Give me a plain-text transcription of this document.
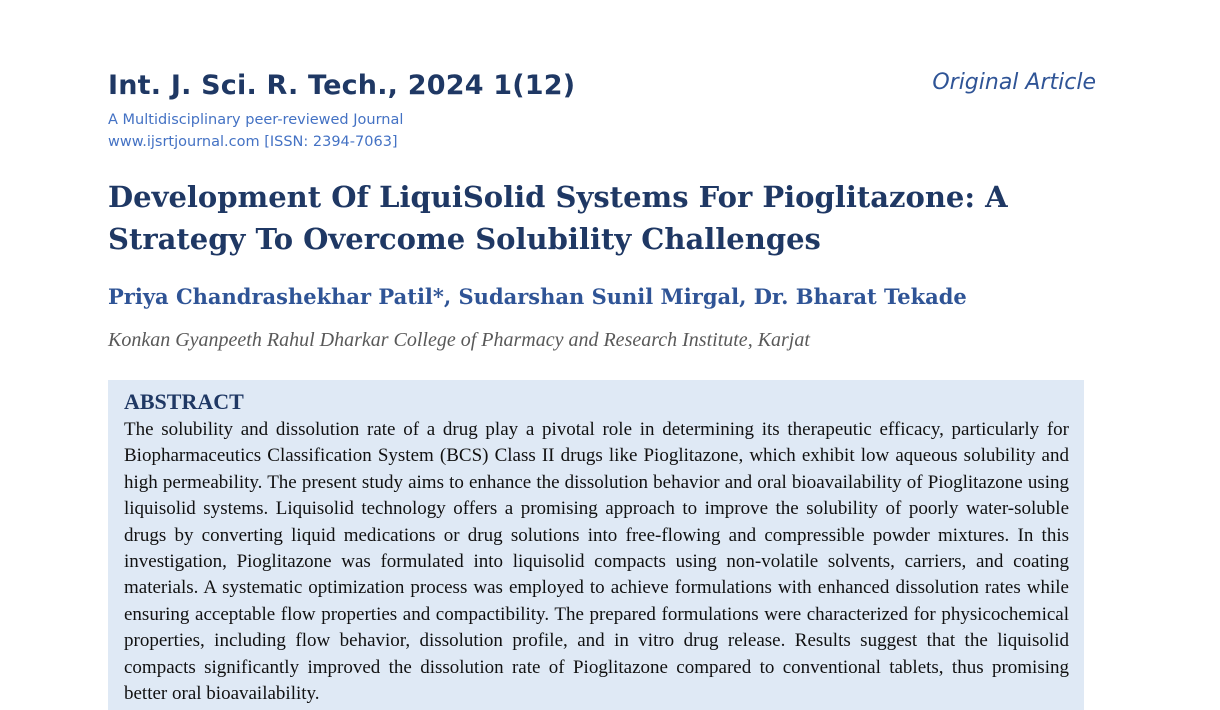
Int. J. Sci. R. Tech., 2024 1(12)	Original Article
A Multidisciplinary peer-reviewed Journal
www.ijsrtjournal.com [ISSN: 2394-7063]
Development Of LiquiSolid Systems For Pioglitazone: A Strategy To Overcome Solubility Challenges
Priya Chandrashekhar Patil*, Sudarshan Sunil Mirgal, Dr. Bharat Tekade
Konkan Gyanpeeth Rahul Dharkar College of Pharmacy and Research Institute, Karjat
ABSTRACT

The solubility and dissolution rate of a drug play a pivotal role in determining its therapeutic efficacy, particularly for Biopharmaceutics Classification System (BCS) Class II drugs like Pioglitazone, which exhibit low aqueous solubility and high permeability. The present study aims to enhance the dissolution behavior and oral bioavailability of Pioglitazone using liquisolid systems. Liquisolid technology offers a promising approach to improve the solubility of poorly water-soluble drugs by converting liquid medications or drug solutions into free-flowing and compressible powder mixtures. In this investigation, Pioglitazone was formulated into liquisolid compacts using non-volatile solvents, carriers, and coating materials. A systematic optimization process was employed to achieve formulations with enhanced dissolution rates while ensuring acceptable flow properties and compactibility. The prepared formulations were characterized for physicochemical properties, including flow behavior, dissolution profile, and in vitro drug release. Results suggest that the liquisolid compacts significantly improved the dissolution rate of Pioglitazone compared to conventional tablets, thus promising better oral bioavailability.
